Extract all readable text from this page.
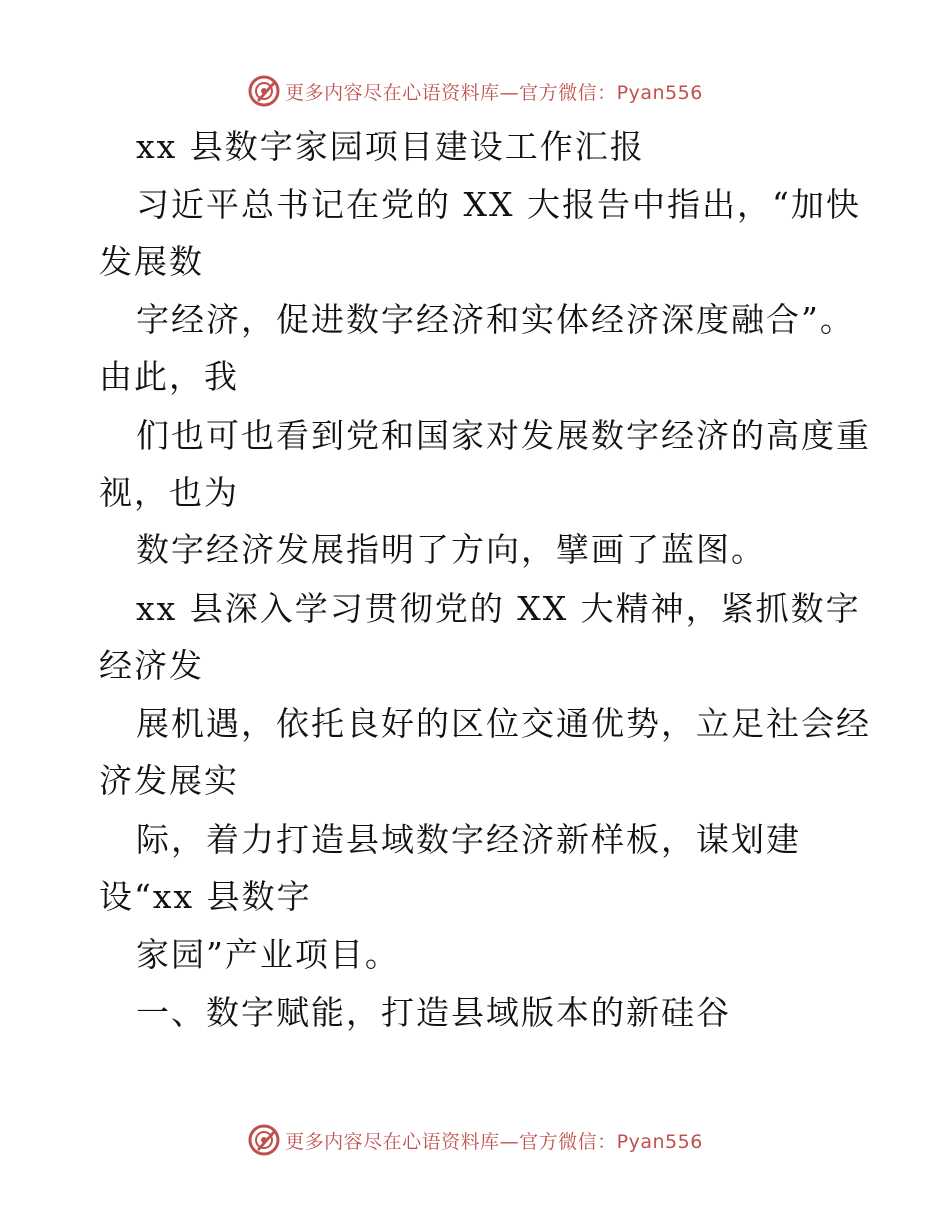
更多内容尽在心语资料库—官方微信：Pyan556
xx 县数字家园项目建设工作汇报
习近平总书记在党的 XX 大报告中指出，“加快
发展数
字经济，促进数字经济和实体经济深度融合”。
由此，我
们也可也看到党和国家对发展数字经济的高度重
视，也为
数字经济发展指明了方向，擘画了蓝图。
xx 县深入学习贯彻党的 XX 大精神，紧抓数字
经济发
展机遇，依托良好的区位交通优势，立足社会经
济发展实
际，着力打造县域数字经济新样板，谋划建
设“xx 县数字
家园”产业项目。
一、数字赋能，打造县域版本的新硅谷
更多内容尽在心语资料库—官方微信：Pyan556
